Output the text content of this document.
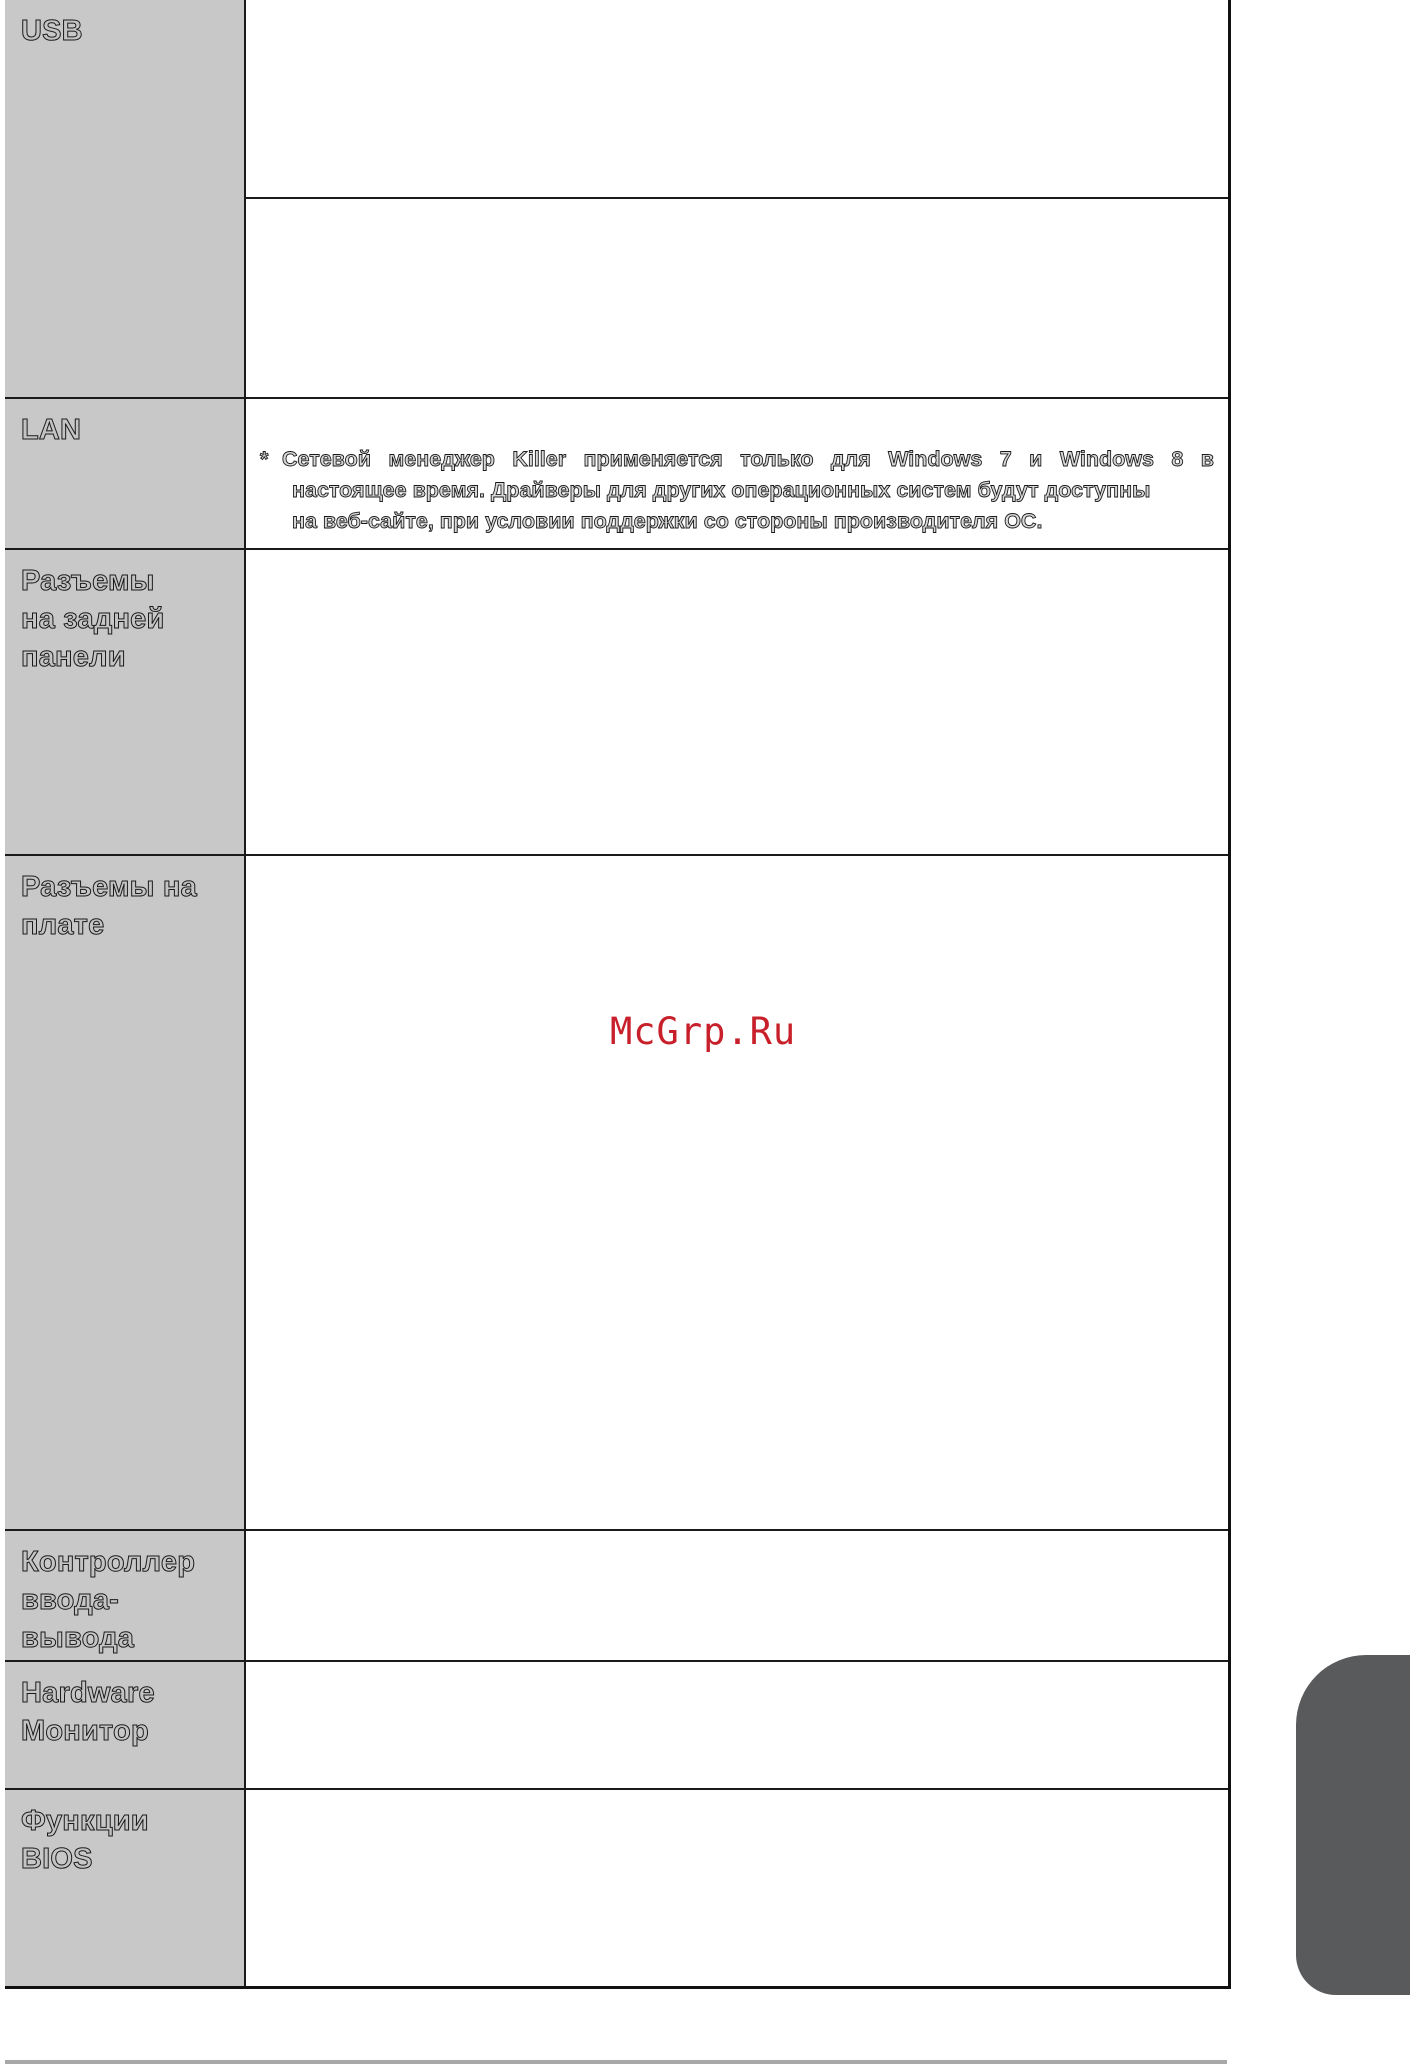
USB	

LAN	* Сетевой менеджер Killer применяется только для Windows 7 и Windows 8 в
настоящее время. Драйверы для других операционных систем будут доступны
на веб-сайте, при условии поддержки со стороны производителя ОС.

Разъемы
на задней
панели	

Разъемы на
плате	

Контроллер
ввода-
вывода	

Hardware
Монитор	

Функции
BIOS	

McGrp.Ru
